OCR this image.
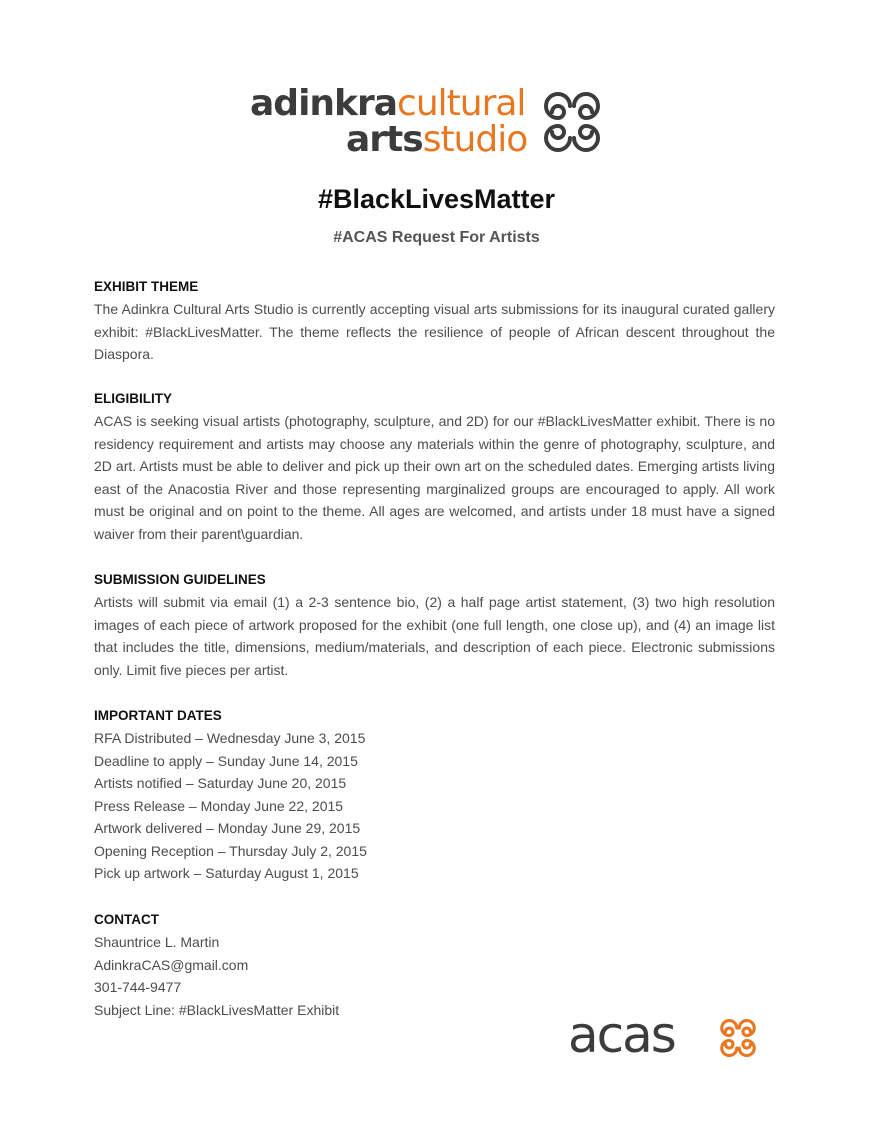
adinkracultural
artsstudio
#BlackLivesMatter
#ACAS Request For Artists
EXHIBIT THEME

The Adinkra Cultural Arts Studio is currently accepting visual arts submissions for its inaugural curated gallery exhibit: #BlackLivesMatter. The theme reflects the resilience of people of African descent throughout the Diaspora.

ELIGIBILITY

ACAS is seeking visual artists (photography, sculpture, and 2D) for our #BlackLivesMatter exhibit. There is no residency requirement and artists may choose any materials within the genre of photography, sculpture, and 2D art. Artists must be able to deliver and pick up their own art on the scheduled dates. Emerging artists living east of the Anacostia River and those representing marginalized groups are encouraged to apply. All work must be original and on point to the theme. All ages are welcomed, and artists under 18 must have a signed waiver from their parent\guardian.

SUBMISSION GUIDELINES

Artists will submit via email (1) a 2-3 sentence bio, (2) a half page artist statement, (3) two high resolution images of each piece of artwork proposed for the exhibit (one full length, one close up), and (4) an image list that includes the title, dimensions, medium/materials, and description of each piece. Electronic submissions only. Limit five pieces per artist.

IMPORTANT DATES
RFA Distributed – Wednesday June 3, 2015
Deadline to apply – Sunday June 14, 2015
Artists notified – Saturday June 20, 2015
Press Release – Monday June 22, 2015
Artwork delivered – Monday June 29, 2015
Opening Reception – Thursday July 2, 2015
Pick up artwork – Saturday August 1, 2015
CONTACT
Shauntrice L. Martin
AdinkraCAS@gmail.com
301-744-9477
Subject Line: #BlackLivesMatter Exhibit	acas
